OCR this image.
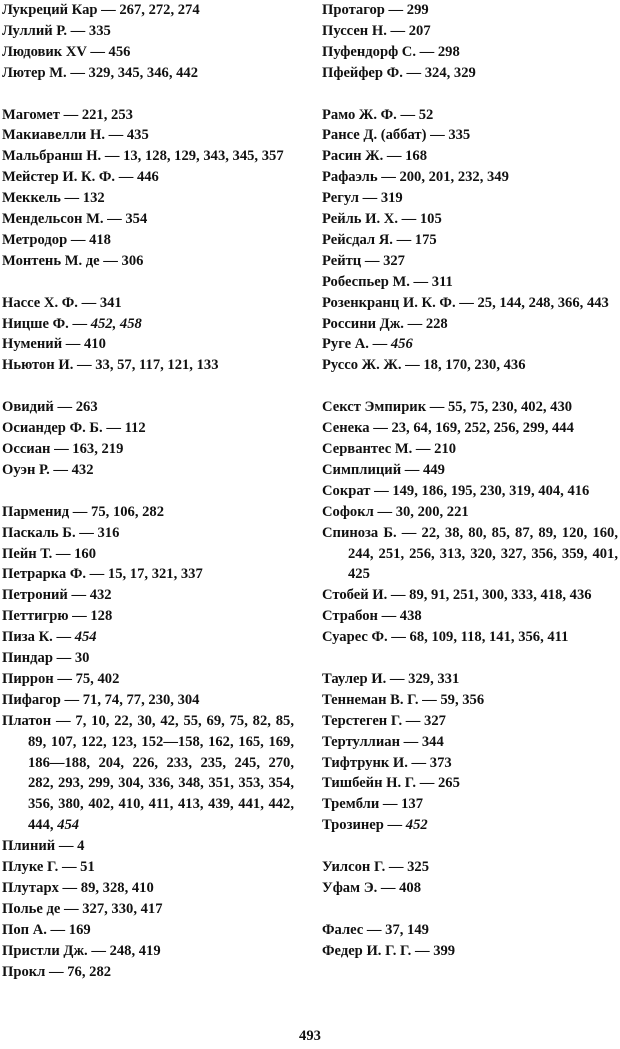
Лукреций Кар — 267, 272, 274
Луллий Р. — 335
Людовик XV — 456
Лютер М. — 329, 345, 346, 442
Магомет — 221, 253
Макиавелли Н. — 435
Мальбранш Н. — 13, 128, 129, 343, 345, 357
Мейстер И. К. Ф. — 446
Меккель — 132
Мендельсон М. — 354
Метродор — 418
Монтень М. де — 306
Нассе Х. Ф. — 341
Ницше Ф. — 452, 458
Нумений — 410
Ньютон И. — 33, 57, 117, 121, 133
Овидий — 263
Осиандер Ф. Б. — 112
Оссиан — 163, 219
Оуэн Р. — 432
Парменид — 75, 106, 282
Паскаль Б. — 316
Пейн Т. — 160
Петрарка Ф. — 15, 17, 321, 337
Петроний — 432
Петтигрю — 128
Пиза К. — 454
Пиндар — 30
Пиррон — 75, 402
Пифагор — 71, 74, 77, 230, 304
Платон — 7, 10, 22, 30, 42, 55, 69, 75, 82, 85, 89, 107, 122, 123, 152—158, 162, 165, 169, 186—188, 204, 226, 233, 235, 245, 270, 282, 293, 299, 304, 336, 348, 351, 353, 354, 356, 380, 402, 410, 411, 413, 439, 441, 442, 444, 454
Плиний — 4
Плуке Г. — 51
Плутарх — 89, 328, 410
Полье де — 327, 330, 417
Поп А. — 169
Пристли Дж. — 248, 419
Прокл — 76, 282
Протагор — 299
Пуссен Н. — 207
Пуфендорф С. — 298
Пфейфер Ф. — 324, 329
Рамо Ж. Ф. — 52
Рансе Д. (аббат) — 335
Расин Ж. — 168
Рафаэль — 200, 201, 232, 349
Регул — 319
Рейль И. Х. — 105
Рейсдал Я. — 175
Рейтц — 327
Робеспьер М. — 311
Розенкранц И. К. Ф. — 25, 144, 248, 366, 443
Россини Дж. — 228
Руге А. — 456
Руссо Ж. Ж. — 18, 170, 230, 436
Секст Эмпирик — 55, 75, 230, 402, 430
Сенека — 23, 64, 169, 252, 256, 299, 444
Сервантес М. — 210
Симплиций — 449
Сократ — 149, 186, 195, 230, 319, 404, 416
Софокл — 30, 200, 221
Спиноза Б. — 22, 38, 80, 85, 87, 89, 120, 160, 244, 251, 256, 313, 320, 327, 356, 359, 401, 425
Стобей И. — 89, 91, 251, 300, 333, 418, 436
Страбон — 438
Суарес Ф. — 68, 109, 118, 141, 356, 411
Таулер И. — 329, 331
Теннеман В. Г. — 59, 356
Терстеген Г. — 327
Тертуллиан — 344
Тифтрунк И. — 373
Тишбейн Н. Г. — 265
Трембли — 137
Трозинер — 452
Уилсон Г. — 325
Уфам Э. — 408
Фалес — 37, 149
Федер И. Г. Г. — 399
493
